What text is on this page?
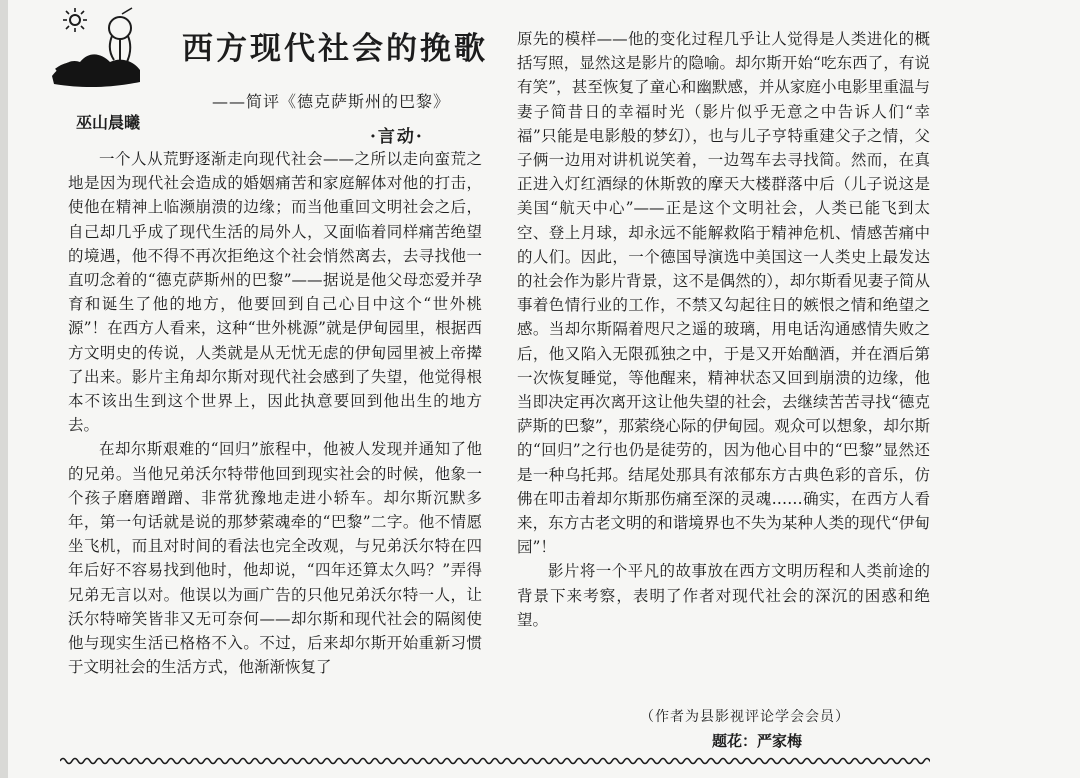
西方现代社会的挽歌
——简评《德克萨斯州的巴黎》
巫山晨曦
·言动·

一个人从荒野逐渐走向现代社会——之所以走向蛮荒之地是因为现代社会造成的婚姻痛苦和家庭解体对他的打击，使他在精神上临濒崩溃的边缘；而当他重回文明社会之后，自己却几乎成了现代生活的局外人，又面临着同样痛苦绝望的境遇，他不得不再次拒绝这个社会悄然离去，去寻找他一直叨念着的“德克萨斯州的巴黎”——据说是他父母恋爱并孕育和诞生了他的地方，他要回到自己心目中这个“世外桃源”！在西方人看来，这种“世外桃源”就是伊甸园里，根据西方文明史的传说，人类就是从无忧无虑的伊甸园里被上帝撵了出来。影片主角却尔斯对现代社会感到了失望，他觉得根本不该出生到这个世界上，因此执意要回到他出生的地方去。

在却尔斯艰难的“回归”旅程中，他被人发现并通知了他的兄弟。当他兄弟沃尔特带他回到现实社会的时候，他象一个孩子磨磨蹭蹭、非常犹豫地走进小轿车。却尔斯沉默多年，第一句话就是说的那梦萦魂牵的“巴黎”二字。他不情愿坐飞机，而且对时间的看法也完全改观，与兄弟沃尔特在四年后好不容易找到他时，他却说，“四年还算太久吗？”弄得兄弟无言以对。他误以为画广告的只他兄弟沃尔特一人，让沃尔特啼笑皆非又无可奈何——却尔斯和现代社会的隔阂使他与现实生活已格格不入。不过，后来却尔斯开始重新习惯于文明社会的生活方式，他渐渐恢复了

原先的模样——他的变化过程几乎让人觉得是人类进化的概括写照，显然这是影片的隐喻。却尔斯开始“吃东西了，有说有笑”，甚至恢复了童心和幽默感，并从家庭小电影里重温与妻子简昔日的幸福时光（影片似乎无意之中告诉人们“幸福”只能是电影般的梦幻），也与儿子亨特重建父子之情，父子俩一边用对讲机说笑着，一边驾车去寻找简。然而，在真正进入灯红酒绿的休斯敦的摩天大楼群落中后（儿子说这是美国“航天中心”——正是这个文明社会，人类已能飞到太空、登上月球，却永远不能解救陷于精神危机、情感苦痛中的人们。因此，一个德国导演选中美国这一人类史上最发达的社会作为影片背景，这不是偶然的），却尔斯看见妻子简从事着色情行业的工作，不禁又勾起往日的嫉恨之情和绝望之感。当却尔斯隔着咫尺之遥的玻璃，用电话沟通感情失败之后，他又陷入无限孤独之中，于是又开始酗酒，并在酒后第一次恢复睡觉，等他醒来，精神状态又回到崩溃的边缘，他当即决定再次离开这让他失望的社会，去继续苦苦寻找“德克萨斯的巴黎”，那萦绕心际的伊甸园。观众可以想象，却尔斯的“回归”之行也仍是徒劳的，因为他心目中的“巴黎”显然还是一种乌托邦。结尾处那具有浓郁东方古典色彩的音乐，仿佛在叩击着却尔斯那伤痛至深的灵魂……确实，在西方人看来，东方古老文明的和谐境界也不失为某种人类的现代“伊甸园”！

影片将一个平凡的故事放在西方文明历程和人类前途的背景下来考察，表明了作者对现代社会的深沉的困惑和绝望。

（作者为县影视评论学会会员）
题花：严家梅
